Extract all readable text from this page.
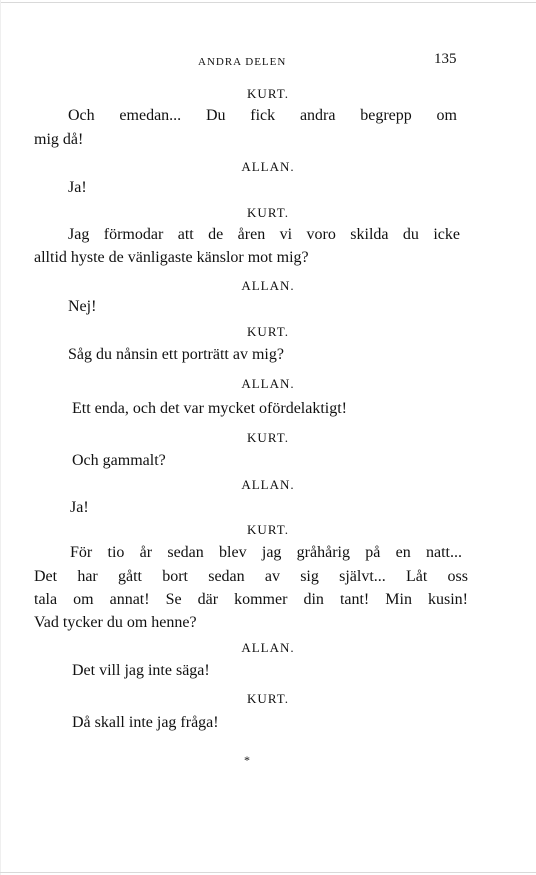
ANDRA DELEN	135
KURT.
Och emedan... Du fick andra begrepp om
mig då!
ALLAN.
Ja!
KURT.
Jag förmodar att de åren vi voro skilda du icke
alltid hyste de vänligaste känslor mot mig?
ALLAN.
Nej!
KURT.
Såg du nånsin ett porträtt av mig?
ALLAN.
Ett enda, och det var mycket ofördelaktigt!
KURT.
Och gammalt?
ALLAN.
Ja!
KURT.
För tio år sedan blev jag gråhårig på en natt...
Det har gått bort sedan av sig självt... Låt oss
tala om annat! Se där kommer din tant! Min kusin!
Vad tycker du om henne?
ALLAN.
Det vill jag inte säga!
KURT.
Då skall inte jag fråga!
*
